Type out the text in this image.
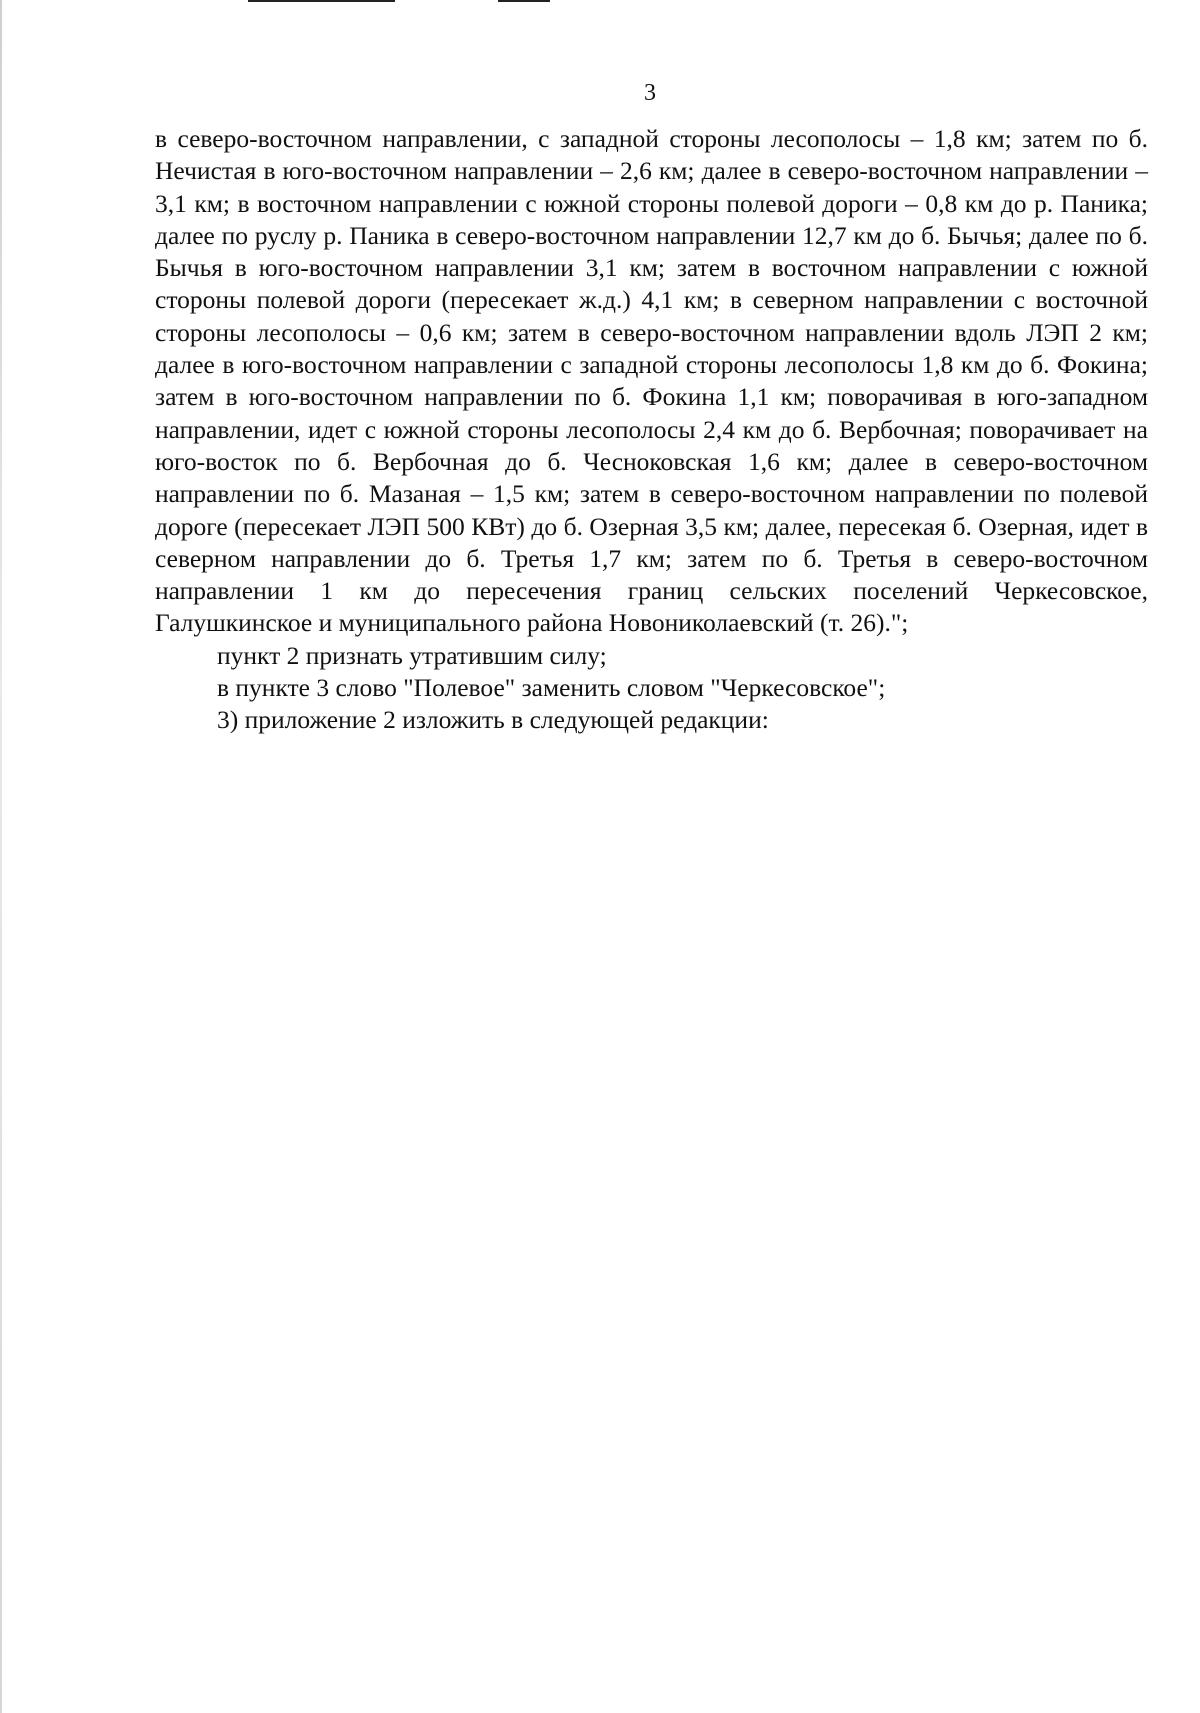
3

в северо-восточном направлении, с западной стороны лесополосы – 1,8 км; затем по б. Нечистая в юго-восточном направлении – 2,6 км; далее в северо-восточном направлении – 3,1 км; в восточном направлении с южной стороны полевой дороги – 0,8 км до р. Паника; далее по руслу р. Паника в северо-восточном направлении 12,7 км до б. Бычья; далее по б. Бычья в юго-восточном направлении 3,1 км; затем в восточном направлении с южной стороны полевой дороги (пересекает ж.д.) 4,1 км; в северном направлении с восточной стороны лесополосы – 0,6 км; затем в северо-восточном направлении вдоль ЛЭП 2 км; далее в юго-восточном направлении с западной стороны лесополосы 1,8 км до б. Фокина; затем в юго-восточном направлении по б. Фокина 1,1 км; поворачивая в юго-западном направлении, идет с южной стороны лесополосы 2,4 км до б. Вербочная; поворачивает на юго-восток по б. Вербочная до б. Чесноковская 1,6 км; далее в северо-восточном направлении по б. Мазаная – 1,5 км; затем в северо-восточном направлении по полевой дороге (пересекает ЛЭП 500 КВт) до б. Озерная 3,5 км; далее, пересекая б. Озерная, идет в северном направлении до б. Третья 1,7 км; затем по б. Третья в северо-восточном направлении 1 км до пересечения границ сельских поселений Черкесовское, Галушкинское и муниципального района Новониколаевский (т. 26).";

пункт 2 признать утратившим силу;

в пункте 3 слово "Полевое" заменить словом "Черкесовское";

3) приложение 2 изложить в следующей редакции:
